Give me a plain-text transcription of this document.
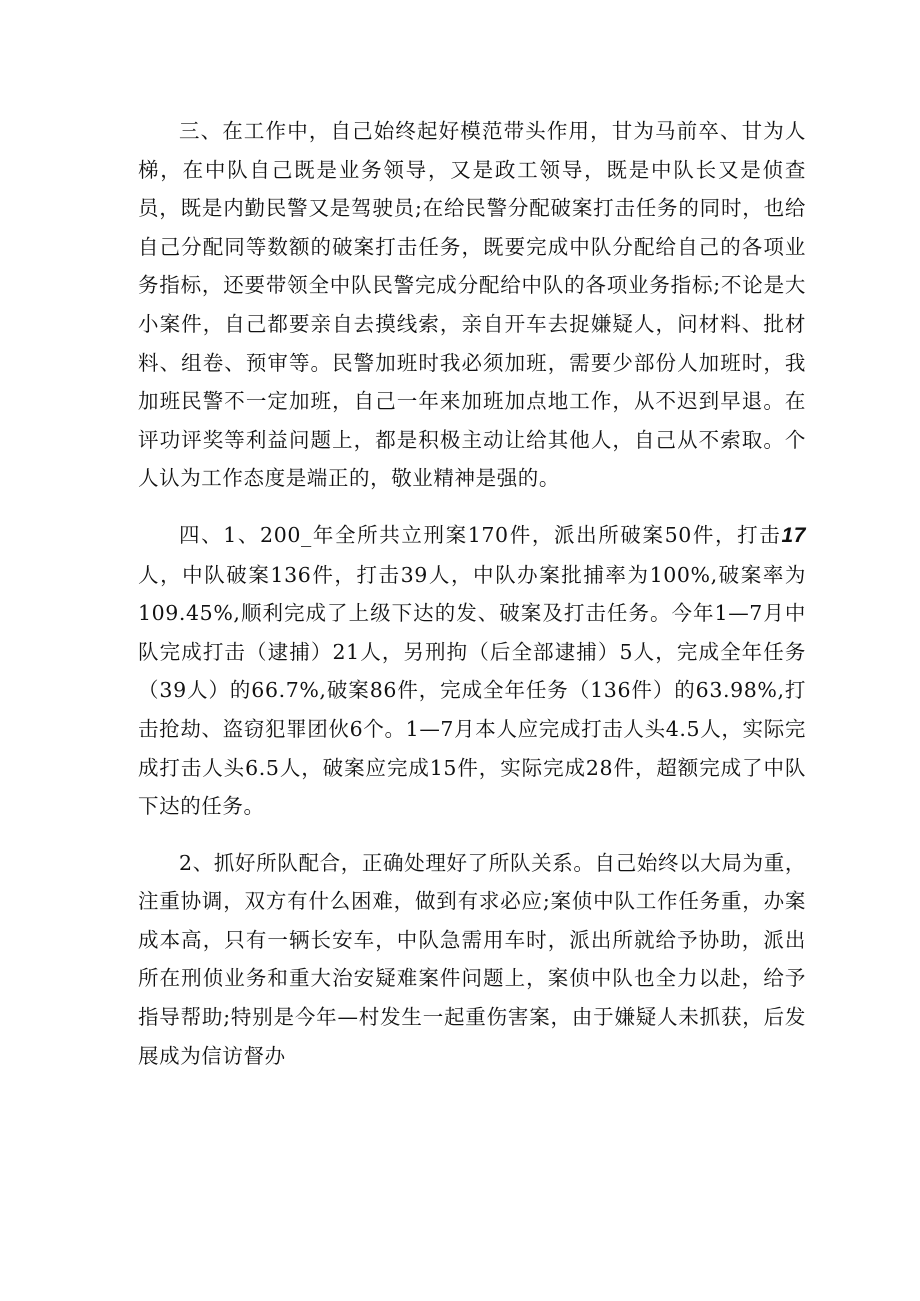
三、在工作中，自己始终起好模范带头作用，甘为马前卒、甘为人梯，在中队自己既是业务领导，又是政工领导，既是中队长又是侦查员，既是内勤民警又是驾驶员;在给民警分配破案打击任务的同时，也给自己分配同等数额的破案打击任务，既要完成中队分配给自己的各项业务指标，还要带领全中队民警完成分配给中队的各项业务指标;不论是大小案件，自己都要亲自去摸线索，亲自开车去捉嫌疑人，问材料、批材料、组卷、预审等。民警加班时我必须加班，需要少部份人加班时，我加班民警不一定加班，自己一年来加班加点地工作，从不迟到早退。在评功评奖等利益问题上，都是积极主动让给其他人，自己从不索取。个人认为工作态度是端正的，敬业精神是强的。

四、1、200_年全所共立刑案170件，派出所破案50件，打击17人，中队破案136件，打击39人，中队办案批捕率为100%,破案率为109.45%,顺利完成了上级下达的发、破案及打击任务。今年1—7月中队完成打击（逮捕）21人，另刑拘（后全部逮捕）5人，完成全年任务（39人）的66.7%,破案86件，完成全年任务（136件）的63.98%,打击抢劫、盗窃犯罪团伙6个。1—7月本人应完成打击人头4.5人，实际完成打击人头6.5人，破案应完成15件，实际完成28件，超额完成了中队下达的任务。

2、抓好所队配合，正确处理好了所队关系。自己始终以大局为重，注重协调，双方有什么困难，做到有求必应;案侦中队工作任务重，办案成本高，只有一辆长安车，中队急需用车时，派出所就给予协助，派出所在刑侦业务和重大治安疑难案件问题上，案侦中队也全力以赴，给予指导帮助;特别是今年—村发生一起重伤害案，由于嫌疑人未抓获，后发展成为信访督办
